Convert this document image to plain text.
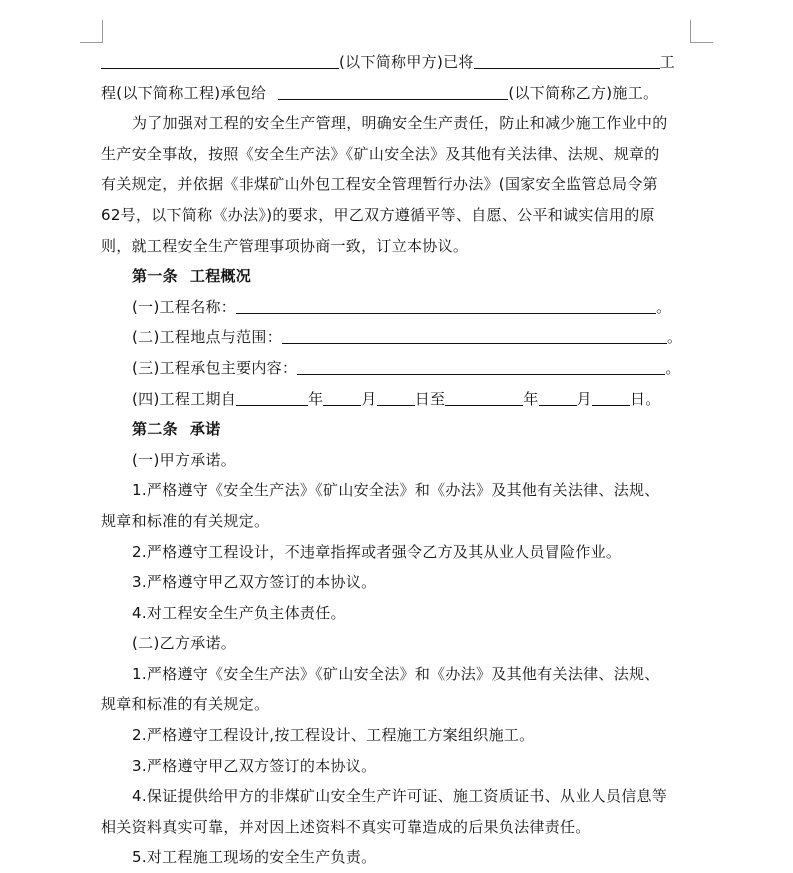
(以下简称甲方)已将	工
程(以下简称工程)承包给	(以下简称乙方)施工。
为了加强对工程的安全生产管理，明确安全生产责任，防止和减少施工作业中的
生产安全事故，按照《安全生产法》《矿山安全法》及其他有关法律、法规、规章的
有关规定，并依据《非煤矿山外包工程安全管理暂行办法》(国家安全监管总局令第
62号，以下简称《办法》)的要求，甲乙双方遵循平等、自愿、公平和诚实信用的原
则，就工程安全生产管理事项协商一致，订立本协议。
第一条 工程概况
(一)工程名称：	。
(二)工程地点与范围：	。
(三)工程承包主要内容：	。
(四)工程工期自	年	月	日至	年	月	日。
第二条 承诺
(一)甲方承诺。
1.严格遵守《安全生产法》《矿山安全法》和《办法》及其他有关法律、法规、
规章和标准的有关规定。
2.严格遵守工程设计，不违章指挥或者强令乙方及其从业人员冒险作业。
3.严格遵守甲乙双方签订的本协议。
4.对工程安全生产负主体责任。
(二)乙方承诺。
1.严格遵守《安全生产法》《矿山安全法》和《办法》及其他有关法律、法规、
规章和标准的有关规定。
2.严格遵守工程设计,按工程设计、工程施工方案组织施工。
3.严格遵守甲乙双方签订的本协议。
4.保证提供给甲方的非煤矿山安全生产许可证、施工资质证书、从业人员信息等
相关资料真实可靠，并对因上述资料不真实可靠造成的后果负法律责任。
5.对工程施工现场的安全生产负责。
